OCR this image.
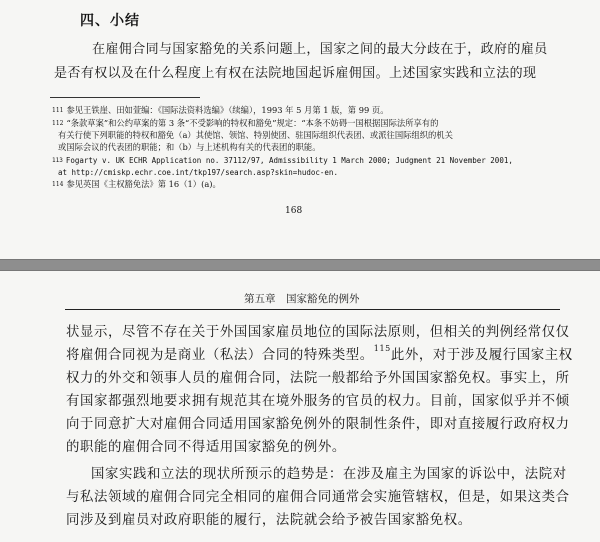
四、小结
在雇佣合同与国家豁免的关系问题上，国家之间的最大分歧在于，政府的雇员
是否有权以及在什么程度上有权在法院地国起诉雇佣国。上述国家实践和立法的现
$^{111}$ 参见王铁崖、田如萱编：《国际法资料选编》（续编），1993 年 5 月第 1 版，第 99 页。
$^{112}$ “条款草案”和公约草案的第 3 条“不受影响的特权和豁免”规定：“本条不妨碍一国根据国际法所享有的
有关行使下列职能的特权和豁免（a）其使馆、领馆、特别使团、驻国际组织代表团、或派往国际组织的机关
或国际会议的代表团的职能；和（b）与上述机构有关的代表团的职能。
$^{113}$ Fogarty v. UK ECHR Application no. 37112/97, Admissibility 1 March 2000; Judgment 21 November 2001,
at http://cmiskp.echr.coe.int/tkp197/search.asp?skin=hudoc-en.
$^{114}$ 参见英国《主权豁免法》第 16（1）(a)。
168
第五章　国家豁免的例外
状显示，尽管不存在关于外国国家雇员地位的国际法原则，但相关的判例经常仅仅
将雇佣合同视为是商业（私法）合同的特殊类型。$^{115}$此外，对于涉及履行国家主权
权力的外交和领事人员的雇佣合同，法院一般都给予外国国家豁免权。事实上，所
有国家都强烈地要求拥有规范其在境外服务的官员的权力。目前，国家似乎并不倾
向于同意扩大对雇佣合同适用国家豁免例外的限制性条件，即对直接履行政府权力
的职能的雇佣合同不得适用国家豁免的例外。
国家实践和立法的现状所预示的趋势是：在涉及雇主为国家的诉讼中，法院对
与私法领域的雇佣合同完全相同的雇佣合同通常会实施管辖权，但是，如果这类合
同涉及到雇员对政府职能的履行，法院就会给予被告国家豁免权。
